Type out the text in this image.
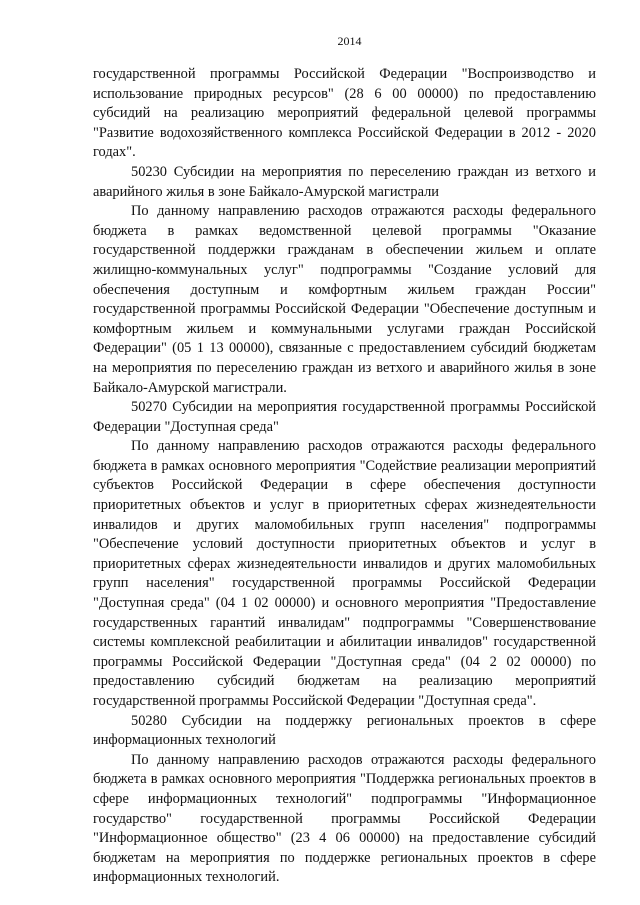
2014

государственной программы Российской Федерации "Воспроизводство и использование природных ресурсов" (28 6 00 00000) по предоставлению субсидий на реализацию мероприятий федеральной целевой программы "Развитие водохозяйственного комплекса Российской Федерации в 2012 - 2020 годах".

50230 Субсидии на мероприятия по переселению граждан из ветхого и аварийного жилья в зоне Байкало-Амурской магистрали

По данному направлению расходов отражаются расходы федерального бюджета в рамках ведомственной целевой программы "Оказание государственной поддержки гражданам в обеспечении жильем и оплате жилищно-коммунальных услуг" подпрограммы "Создание условий для обеспечения доступным и комфортным жильем граждан России" государственной программы Российской Федерации "Обеспечение доступным и комфортным жильем и коммунальными услугами граждан Российской Федерации" (05 1 13 00000), связанные с предоставлением субсидий бюджетам на мероприятия по переселению граждан из ветхого и аварийного жилья в зоне Байкало-Амурской магистрали.

50270 Субсидии на мероприятия государственной программы Российской Федерации "Доступная среда"

По данному направлению расходов отражаются расходы федерального бюджета в рамках основного мероприятия "Содействие реализации мероприятий субъектов Российской Федерации в сфере обеспечения доступности приоритетных объектов и услуг в приоритетных сферах жизнедеятельности инвалидов и других маломобильных групп населения" подпрограммы "Обеспечение условий доступности приоритетных объектов и услуг в приоритетных сферах жизнедеятельности инвалидов и других маломобильных групп населения" государственной программы Российской Федерации "Доступная среда" (04 1 02 00000) и основного мероприятия "Предоставление государственных гарантий инвалидам" подпрограммы "Совершенствование системы комплексной реабилитации и абилитации инвалидов" государственной программы Российской Федерации "Доступная среда" (04 2 02 00000) по предоставлению субсидий бюджетам на реализацию мероприятий государственной программы Российской Федерации "Доступная среда".

50280 Субсидии на поддержку региональных проектов в сфере информационных технологий

По данному направлению расходов отражаются расходы федерального бюджета в рамках основного мероприятия "Поддержка региональных проектов в сфере информационных технологий" подпрограммы "Информационное государство" государственной программы Российской Федерации "Информационное общество" (23 4 06 00000) на предоставление субсидий бюджетам на мероприятия по поддержке региональных проектов в сфере информационных технологий.
